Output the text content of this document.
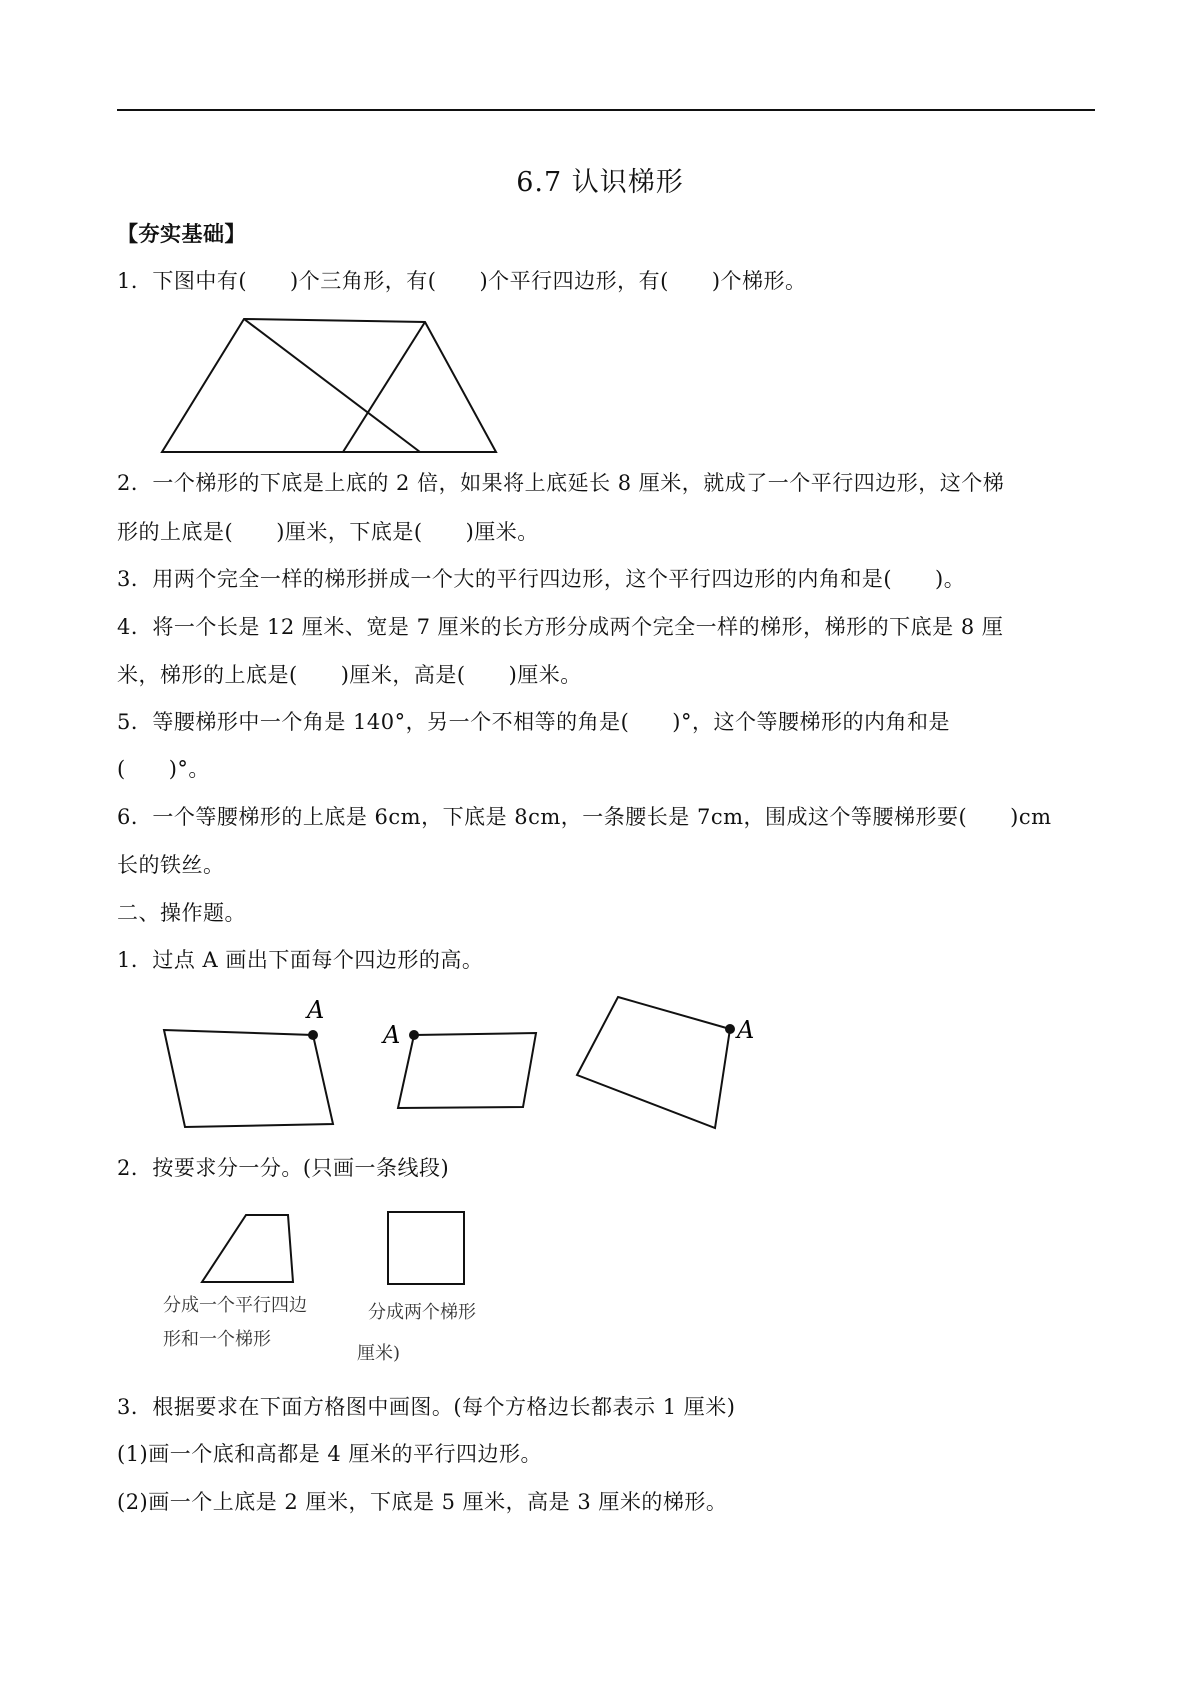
6.7 认识梯形
【夯实基础】
1．下图中有(　　)个三角形，有(　　)个平行四边形，有(　　)个梯形。
2．一个梯形的下底是上底的 2 倍，如果将上底延长 8 厘米，就成了一个平行四边形，这个梯
形的上底是(　　)厘米，下底是(　　)厘米。
3．用两个完全一样的梯形拼成一个大的平行四边形，这个平行四边形的内角和是(　　)。
4．将一个长是 12 厘米、宽是 7 厘米的长方形分成两个完全一样的梯形，梯形的下底是 8 厘
米，梯形的上底是(　　)厘米，高是(　　)厘米。
5．等腰梯形中一个角是 140°，另一个不相等的角是(　　)°，这个等腰梯形的内角和是
(　　)°。
6．一个等腰梯形的上底是 6cm，下底是 8cm，一条腰长是 7cm，围成这个等腰梯形要(　　)cm
长的铁丝。
二、操作题。
1．过点 A 画出下面每个四边形的高。
A
A	A
2．按要求分一分。(只画一条线段)
分成一个平行四边
形和一个梯形
分成两个梯形
厘米)
3．根据要求在下面方格图中画图。(每个方格边长都表示 1 厘米)
(1)画一个底和高都是 4 厘米的平行四边形。
(2)画一个上底是 2 厘米，下底是 5 厘米，高是 3 厘米的梯形。
